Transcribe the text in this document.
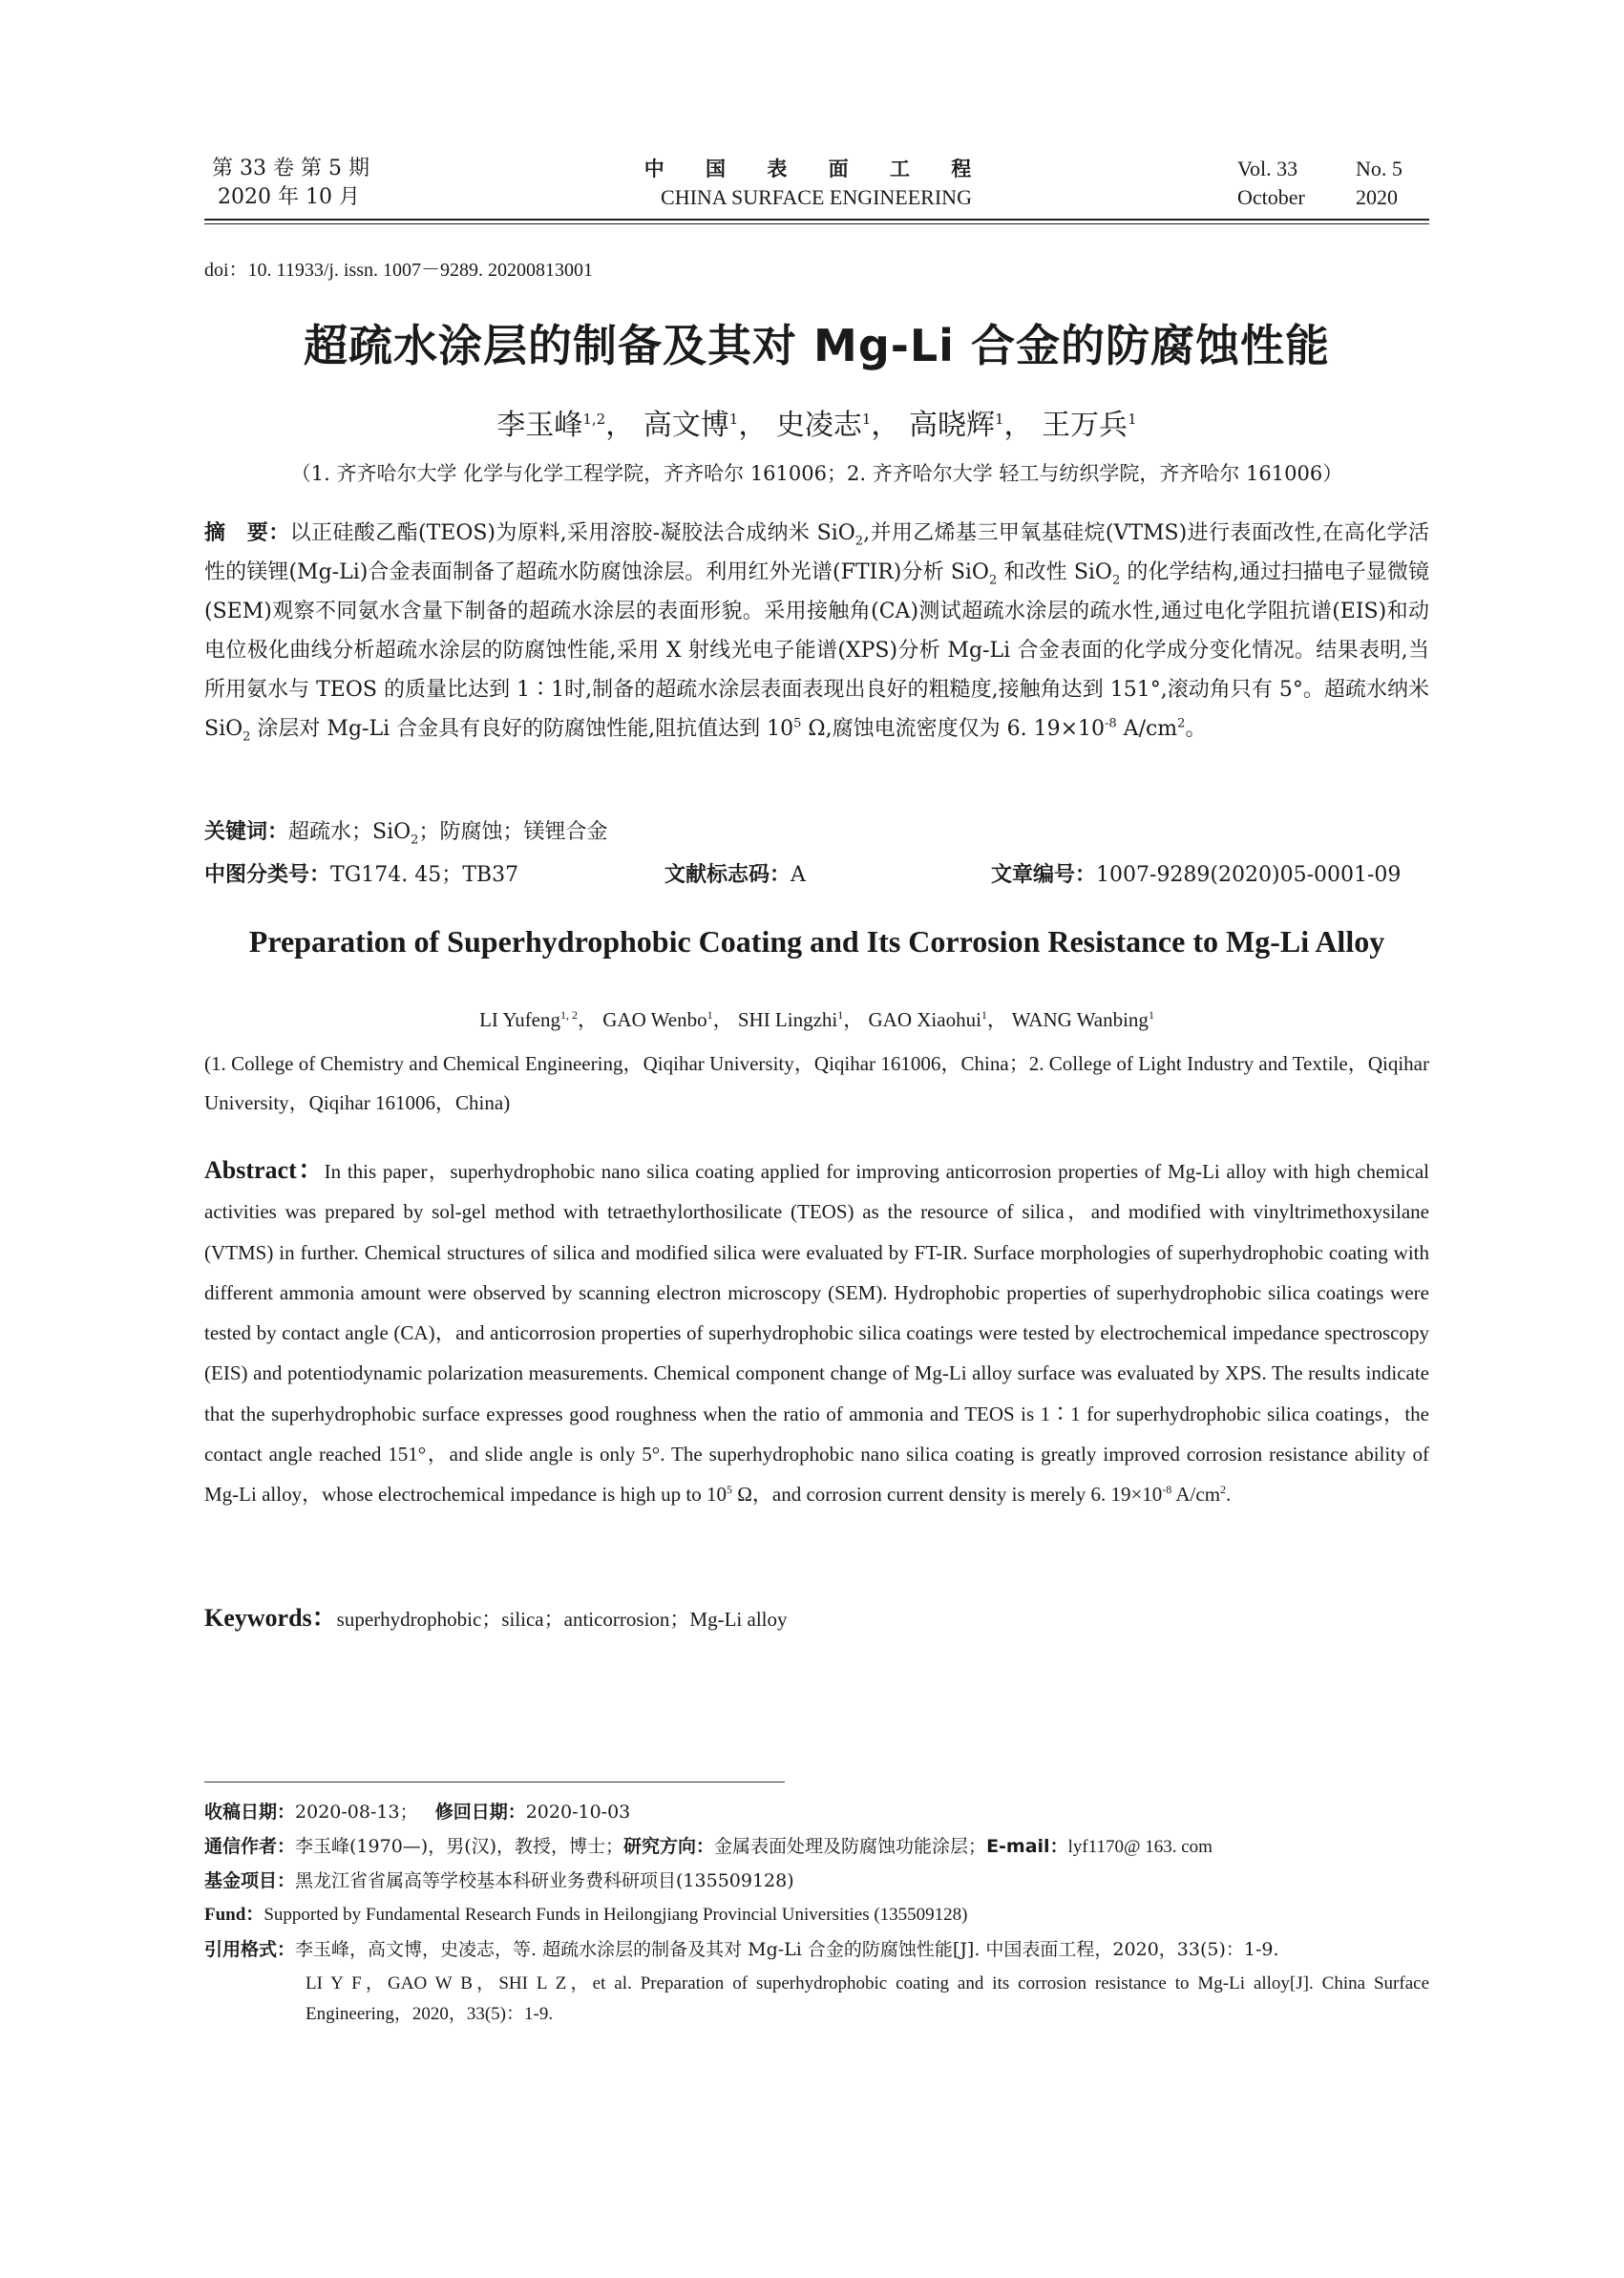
第 33 卷 第 5 期
2020 年 10 月
中 国 表 面 工 程
CHINA SURFACE ENGINEERING
Vol. 33
October
No. 5
2020
doi：10. 11933/j. issn. 1007－9289. 20200813001
超疏水涂层的制备及其对 Mg-Li 合金的防腐蚀性能
李玉峰$^{1,2}$， 高文博$^1$， 史凌志$^1$， 高晓辉$^1$， 王万兵$^1$
（1. 齐齐哈尔大学 化学与化学工程学院，齐齐哈尔 161006；2. 齐齐哈尔大学 轻工与纺织学院，齐齐哈尔 161006）
摘　要：以正硅酸乙酯(TEOS)为原料,采用溶胶-凝胶法合成纳米 SiO$_2$,并用乙烯基三甲氧基硅烷(VTMS)进行表面改性,在高化学活性的镁锂(Mg-Li)合金表面制备了超疏水防腐蚀涂层。利用红外光谱(FTIR)分析 SiO$_2$ 和改性 SiO$_2$ 的化学结构,通过扫描电子显微镜(SEM)观察不同氨水含量下制备的超疏水涂层的表面形貌。采用接触角(CA)测试超疏水涂层的疏水性,通过电化学阻抗谱(EIS)和动电位极化曲线分析超疏水涂层的防腐蚀性能,采用 X 射线光电子能谱(XPS)分析 Mg-Li 合金表面的化学成分变化情况。结果表明,当所用氨水与 TEOS 的质量比达到 1∶1时,制备的超疏水涂层表面表现出良好的粗糙度,接触角达到 151°,滚动角只有 5°。超疏水纳米 SiO$_2$ 涂层对 Mg-Li 合金具有良好的防腐蚀性能,阻抗值达到 $10^5$ Ω,腐蚀电流密度仅为 6. $19\times 10^{-8}$ $A/cm^2$。
关键词：超疏水；SiO$_2$；防腐蚀；镁锂合金
中图分类号：TG174. 45；TB37	文献标志码：A	文章编号：1007-9289(2020)05-0001-09
Preparation of Superhydrophobic Coating and Its Corrosion Resistance to Mg-Li Alloy
LI Yufeng$^{1, 2}$， GAO Wenbo$^1$， SHI Lingzhi$^1$， GAO Xiaohui$^1$， WANG Wanbing$^1$
(1. College of Chemistry and Chemical Engineering，Qiqihar University，Qiqihar 161006，China；2. College of Light Industry and Textile，Qiqihar University，Qiqihar 161006，China)
Abstract：In this paper，superhydrophobic nano silica coating applied for improving anticorrosion properties of Mg-Li alloy with high chemical activities was prepared by sol-gel method with tetraethylorthosilicate (TEOS) as the resource of silica，and modified with vinyltrimethoxysilane (VTMS) in further. Chemical structures of silica and modified silica were evaluated by FT-IR. Surface morphologies of superhydrophobic coating with different ammonia amount were observed by scanning electron microscopy (SEM). Hydrophobic properties of superhydrophobic silica coatings were tested by contact angle (CA)，and anticorrosion properties of superhydrophobic silica coatings were tested by electrochemical impedance spectroscopy (EIS) and potentiodynamic polarization measurements. Chemical component change of Mg-Li alloy surface was evaluated by XPS. The results indicate that the superhydrophobic surface expresses good roughness when the ratio of ammonia and TEOS is 1∶1 for superhydrophobic silica coatings，the contact angle reached 151°，and slide angle is only 5°. The superhydrophobic nano silica coating is greatly improved corrosion resistance ability of Mg-Li alloy，whose electrochemical impedance is high up to $10^5$ Ω，and corrosion current density is merely 6. $19\times 10^{-8}$ $A/cm^2$.
Keywords：superhydrophobic；silica；anticorrosion；Mg-Li alloy
收稿日期：2020-08-13； 修回日期：2020-10-03
通信作者：李玉峰(1970—)，男(汉)，教授，博士；研究方向：金属表面处理及防腐蚀功能涂层；E-mail：lyf1170@ 163. com
基金项目：黑龙江省省属高等学校基本科研业务费科研项目(135509128)
Fund：Supported by Fundamental Research Funds in Heilongjiang Provincial Universities (135509128)
引用格式：李玉峰，高文博，史凌志，等. 超疏水涂层的制备及其对 Mg-Li 合金的防腐蚀性能[J]. 中国表面工程，2020，33(5)：1-9.
LI Y F，GAO W B，SHI L Z，et al. Preparation of superhydrophobic coating and its corrosion resistance to Mg-Li alloy[J]. China Surface Engineering，2020，33(5)：1-9.
